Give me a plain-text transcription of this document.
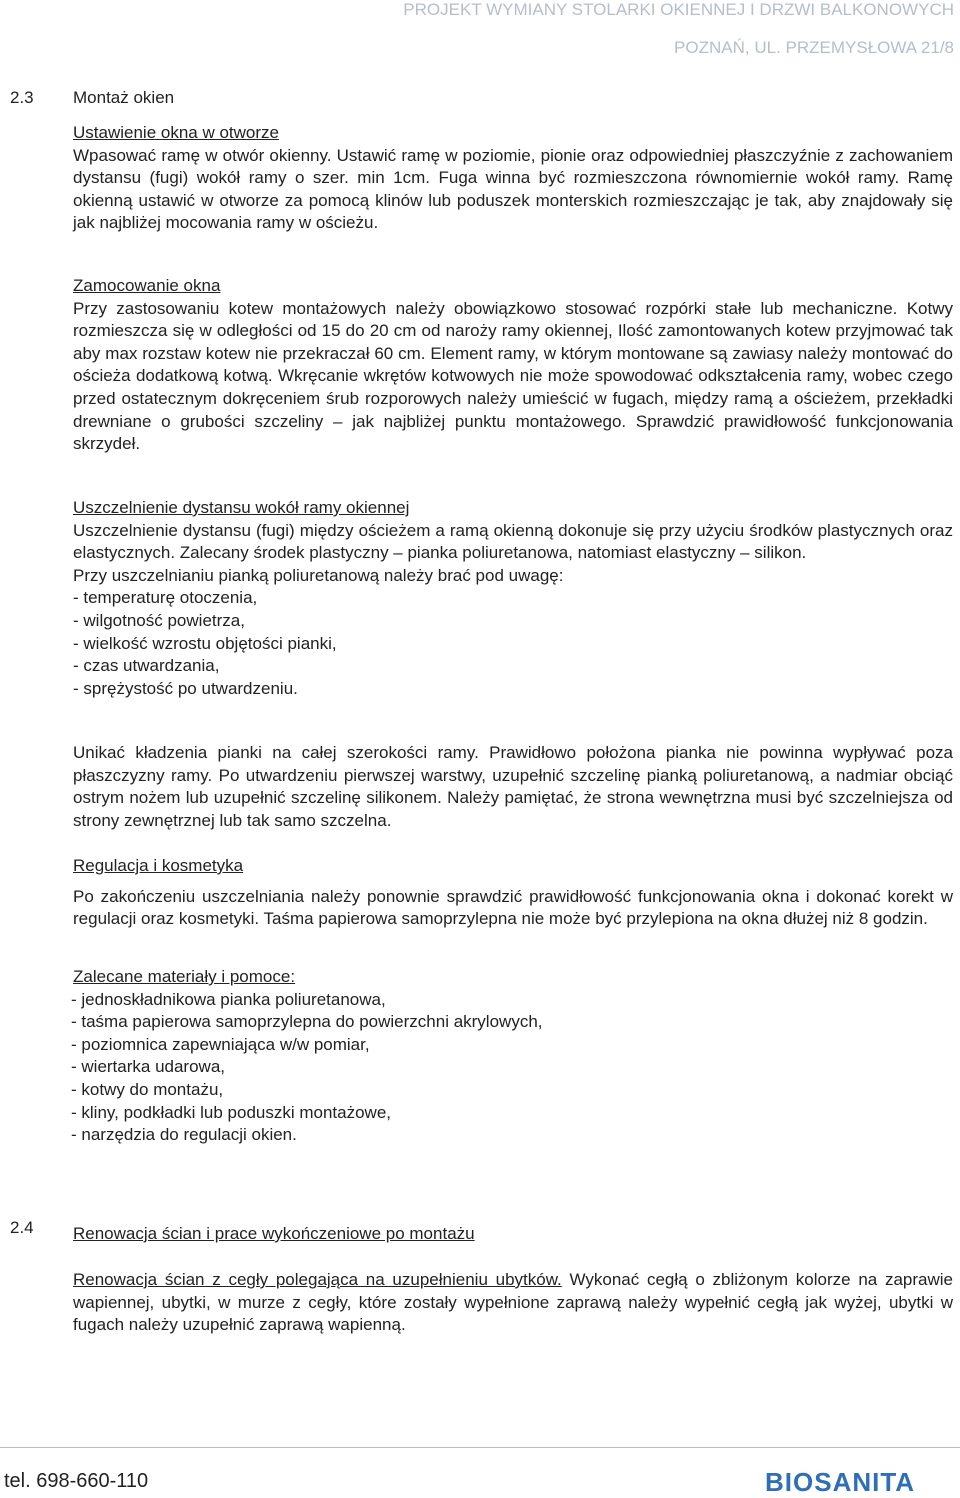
PROJEKT WYMIANY STOLARKI OKIENNEJ I DRZWI BALKONOWYCH
POZNAŃ, UL. PRZEMYSŁOWA 21/8
2.3 Montaż okien
Ustawienie okna w otworze

Wpasować ramę w otwór okienny. Ustawić ramę w poziomie, pionie oraz odpowiedniej płaszczyźnie z zachowaniem dystansu (fugi) wokół ramy o szer. min 1cm. Fuga winna być rozmieszczona równomiernie wokół ramy. Ramę okienną ustawić w otworze za pomocą klinów lub poduszek monterskich rozmieszczając je tak, aby znajdowały się jak najbliżej mocowania ramy w ościeżu.

Zamocowanie okna

Przy zastosowaniu kotew montażowych należy obowiązkowo stosować rozpórki stałe lub mechaniczne. Kotwy rozmieszcza się w odległości od 15 do 20 cm od naroży ramy okiennej, Ilość zamontowanych kotew przyjmować tak aby max rozstaw kotew nie przekraczał 60 cm. Element ramy, w którym montowane są zawiasy należy montować do ościeża dodatkową kotwą. Wkręcanie wkrętów kotwowych nie może spowodować odkształcenia ramy, wobec czego przed ostatecznym dokręceniem śrub rozporowych należy umieścić w fugach, między ramą a ościeżem, przekładki drewniane o grubości szczeliny – jak najbliżej punktu montażowego. Sprawdzić prawidłowość funkcjonowania skrzydeł.

Uszczelnienie dystansu wokół ramy okiennej

Uszczelnienie dystansu (fugi) między ościeżem a ramą okienną dokonuje się przy użyciu środków plastycznych oraz elastycznych. Zalecany środek plastyczny – pianka poliuretanowa, natomiast elastyczny – silikon.

Przy uszczelnianiu pianką poliuretanową należy brać pod uwagę:

- temperaturę otoczenia,
- wilgotność powietrza,
- wielkość wzrostu objętości pianki,
- czas utwardzania,
- sprężystość po utwardzeniu.

Unikać kładzenia pianki na całej szerokości ramy. Prawidłowo położona pianka nie powinna wypływać poza płaszczyzny ramy. Po utwardzeniu pierwszej warstwy, uzupełnić szczelinę pianką poliuretanową, a nadmiar obciąć ostrym nożem lub uzupełnić szczelinę silikonem. Należy pamiętać, że strona wewnętrzna musi być szczelniejsza od strony zewnętrznej lub tak samo szczelna.

Regulacja i kosmetyka

Po zakończeniu uszczelniania należy ponownie sprawdzić prawidłowość funkcjonowania okna i dokonać korekt w regulacji oraz kosmetyki. Taśma papierowa samoprzylepna nie może być przylepiona na okna dłużej niż 8 godzin.

Zalecane materiały i pomoce:
- jednoskładnikowa pianka poliuretanowa,
- taśma papierowa samoprzylepna do powierzchni akrylowych,
- poziomnica zapewniająca w/w pomiar,
- wiertarka udarowa,
- kotwy do montażu,
- kliny, podkładki lub poduszki montażowe,
- narzędzia do regulacji okien.
2.4 Renowacja ścian i prace wykończeniowe po montażu

Renowacja ścian z cegły polegająca na uzupełnieniu ubytków. Wykonać cegłą o zbliżonym kolorze na zaprawie wapiennej, ubytki, w murze z cegły, które zostały wypełnione zaprawą należy wypełnić cegłą jak wyżej, ubytki w fugach należy uzupełnić zaprawą wapienną.

tel. 698-660-110	BIOSANITA
